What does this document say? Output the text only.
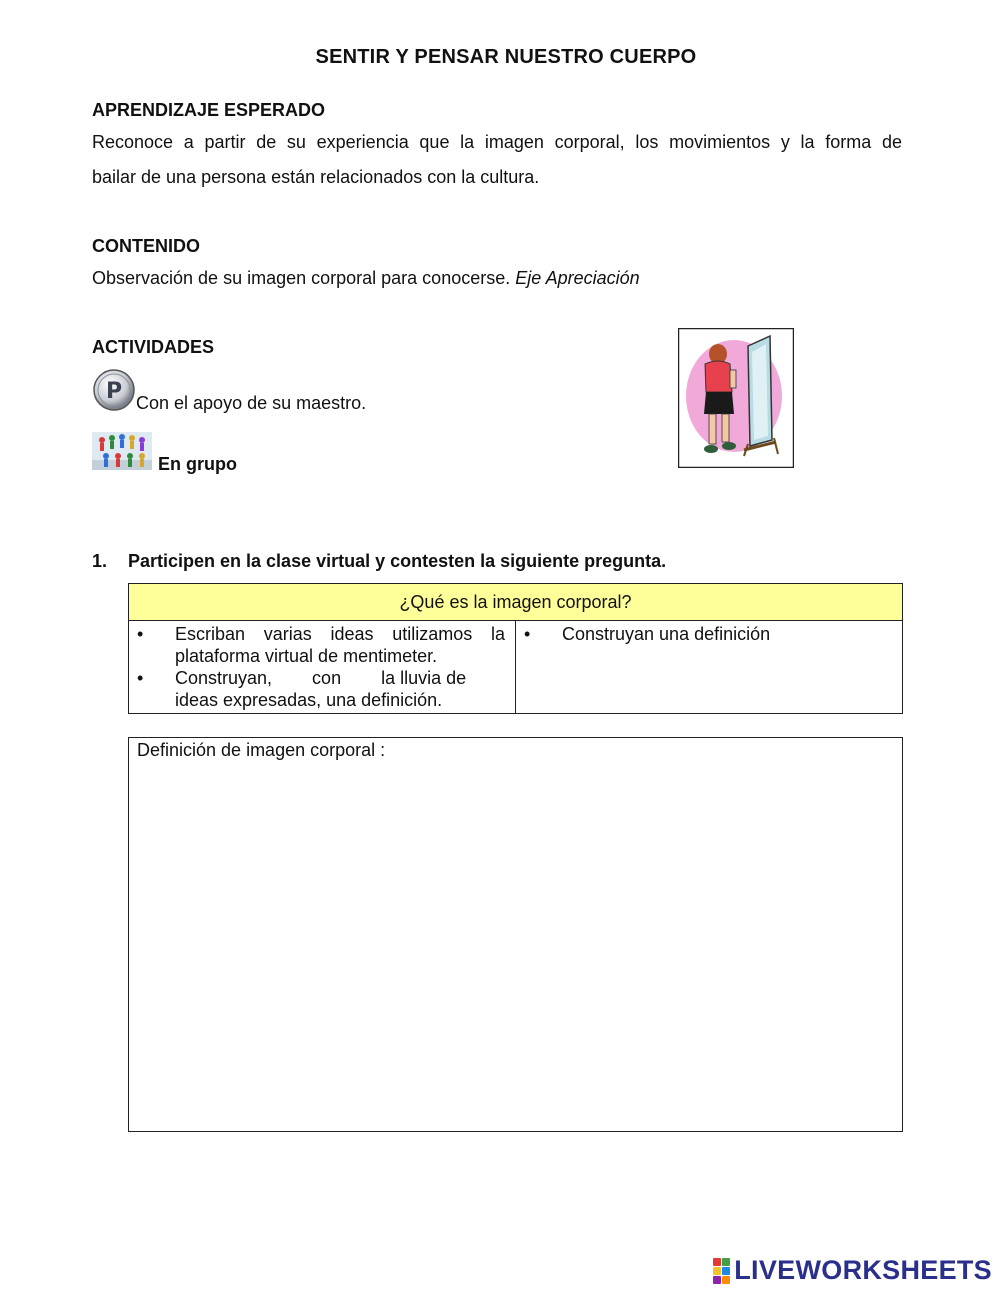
SENTIR Y PENSAR NUESTRO CUERPO
APRENDIZAJE ESPERADO
Reconoce a partir de su experiencia que la imagen corporal, los movimientos y la forma de
bailar de una persona están relacionados con la cultura.
CONTENIDO
Observación de su imagen corporal para conocerse. Eje Apreciación
ACTIVIDADES
P Con el apoyo de su maestro.
En grupo
1. Participen en la clase virtual y contesten la siguiente pregunta.
¿Qué es la imagen corporal?

•	Escriban varias ideas utilizamos la plataforma virtual de mentimeter.
•	Construyan,        con        la lluvia de ideas expresadas, una definición.

•	Construyan una definición
Definición de imagen corporal :
LIVEWORKSHEETS
